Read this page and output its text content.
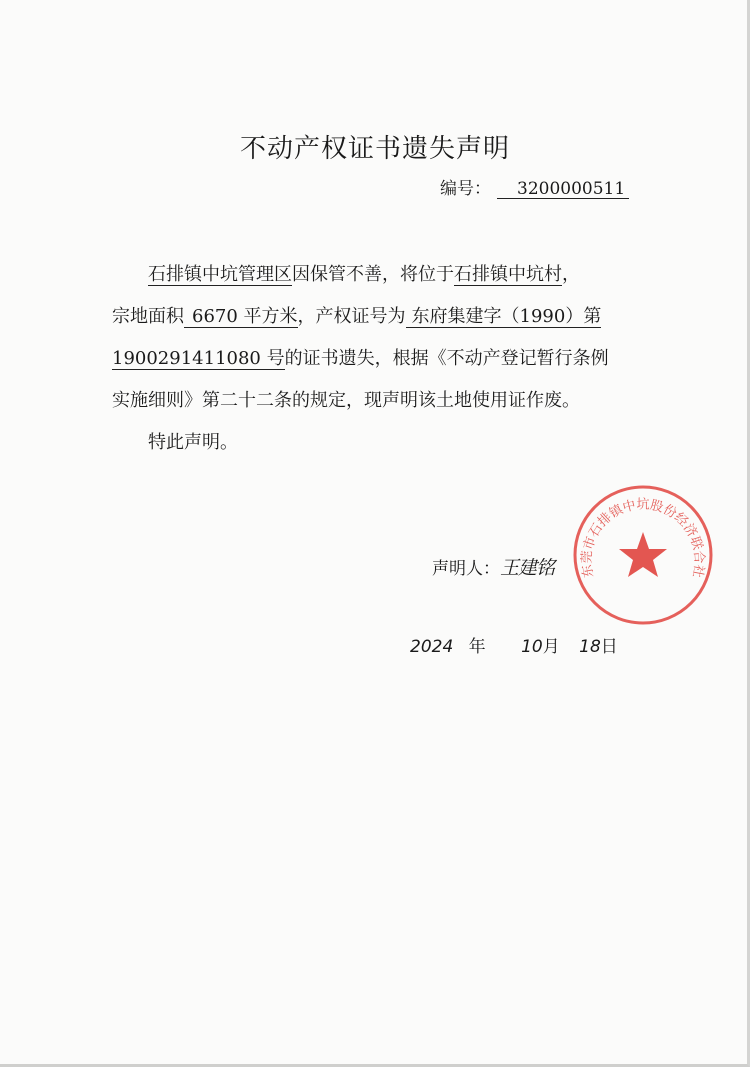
不动产权证书遗失声明
编号： 3200000511
石排镇中坑管理区因保管不善，将位于石排镇中坑村，
宗地面积 6670 平方米，产权证号为 东府集建字（1990）第
1900291411080 号的证书遗失，根据《不动产登记暂行条例
实施细则》第二十二条的规定，现声明该土地使用证作废。
特此声明。
声明人：王建铭
2024 年 10月 18日
东莞市石排镇中坑股份经济联合社
